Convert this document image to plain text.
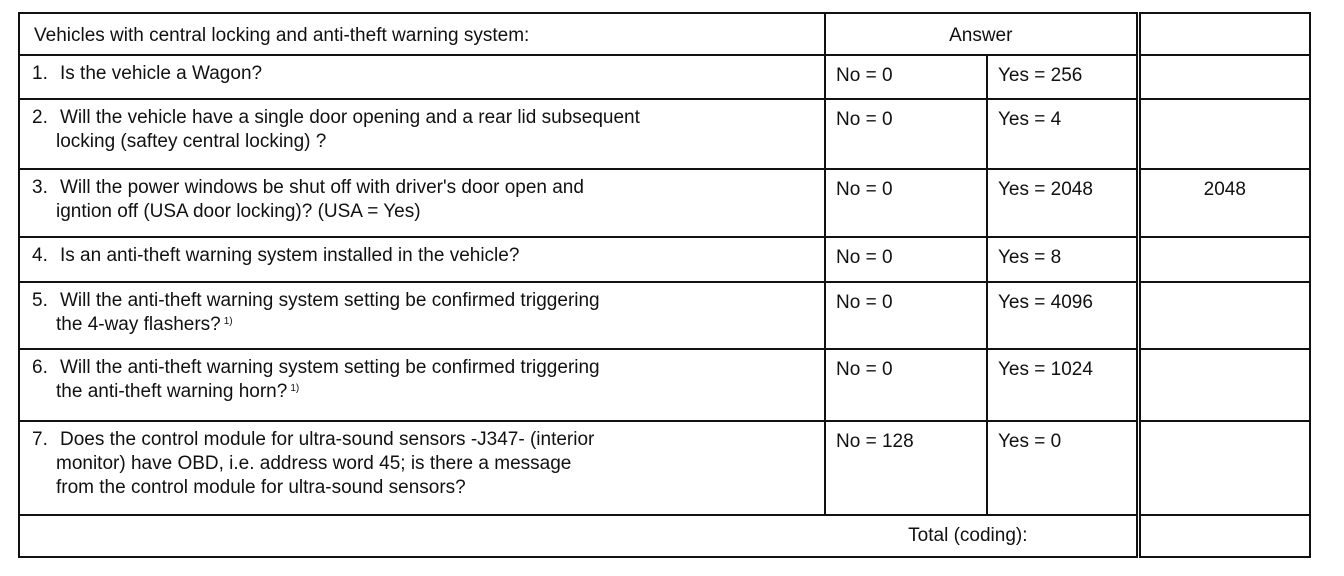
Vehicles with central locking and anti-theft warning system:	Answer		

1. Is the vehicle a Wagon?	No = 0	Yes = 256	

2. Will the vehicle have a single door opening and a rear lid subsequent
locking (saftey central locking) ?	No = 0	Yes = 4	

3. Will the power windows be shut off with driver's door open and
igntion off (USA door locking)? (USA = Yes)	No = 0	Yes = 2048	2048

4. Is an anti-theft warning system installed in the vehicle?	No = 0	Yes = 8	

5. Will the anti-theft warning system setting be confirmed triggering
the 4-way flashers? $^{1)}$	No = 0	Yes = 4096	

6. Will the anti-theft warning system setting be confirmed triggering
the anti-theft warning horn? $^{1)}$	No = 0	Yes = 1024	

7. Does the control module for ultra-sound sensors -J347- (interior
monitor) have OBD, i.e. address word 45; is there a message
from the control module for ultra-sound sensors?	No = 128	Yes = 0	
Total (coding):			
